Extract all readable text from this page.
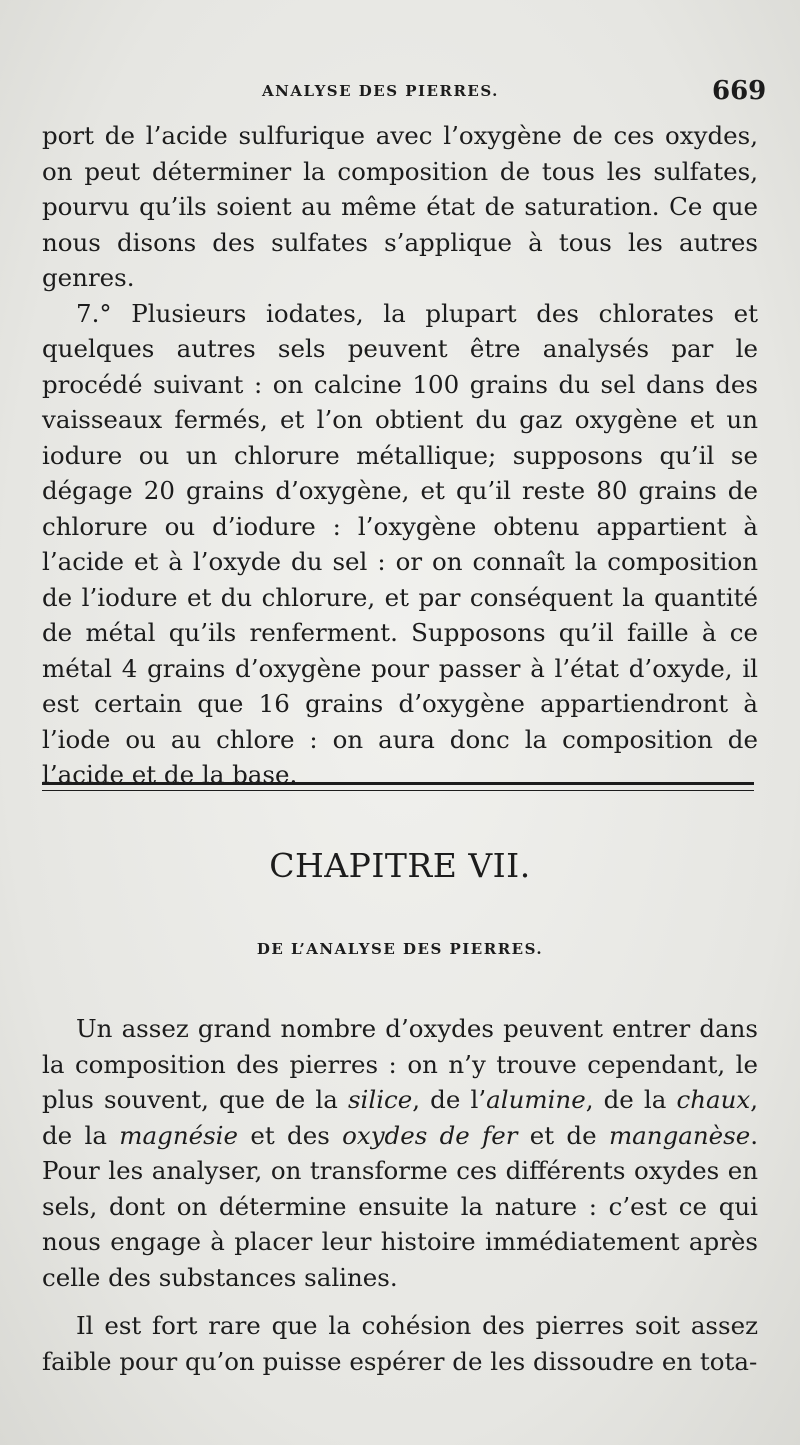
ANALYSE DES PIERRES.	669

port de l’acide sulfurique avec l’oxygène de ces oxydes, on peut déterminer la composition de tous les sulfates, pourvu qu’ils soient au même état de saturation. Ce que nous disons des sulfates s’applique à tous les autres genres.

7.° Plusieurs iodates, la plupart des chlorates et quelques autres sels peuvent être analysés par le procédé suivant : on calcine 100 grains du sel dans des vaisseaux fermés, et l’on obtient du gaz oxygène et un iodure ou un chlorure métallique; supposons qu’il se dégage 20 grains d’oxygène, et qu’il reste 80 grains de chlorure ou d’iodure : l’oxygène obtenu appartient à l’acide et à l’oxyde du sel : or on connaît la composition de l’iodure et du chlorure, et par conséquent la quantité de métal qu’ils renferment. Supposons qu’il faille à ce métal 4 grains d’oxygène pour passer à l’état d’oxyde, il est certain que 16 grains d’oxygène appartiendront à l’iode ou au chlore : on aura donc la composition de l’acide et de la base.

CHAPITRE VII.
DE L’ANALYSE DES PIERRES.

Un assez grand nombre d’oxydes peuvent entrer dans la composition des pierres : on n’y trouve cependant, le plus souvent, que de la silice, de l’alumine, de la chaux, de la magnésie et des oxydes de fer et de manganèse. Pour les analyser, on transforme ces différents oxydes en sels, dont on détermine ensuite la nature : c’est ce qui nous engage à placer leur histoire immédiatement après celle des substances salines.

Il est fort rare que la cohésion des pierres soit assez faible pour qu’on puisse espérer de les dissoudre en tota-
